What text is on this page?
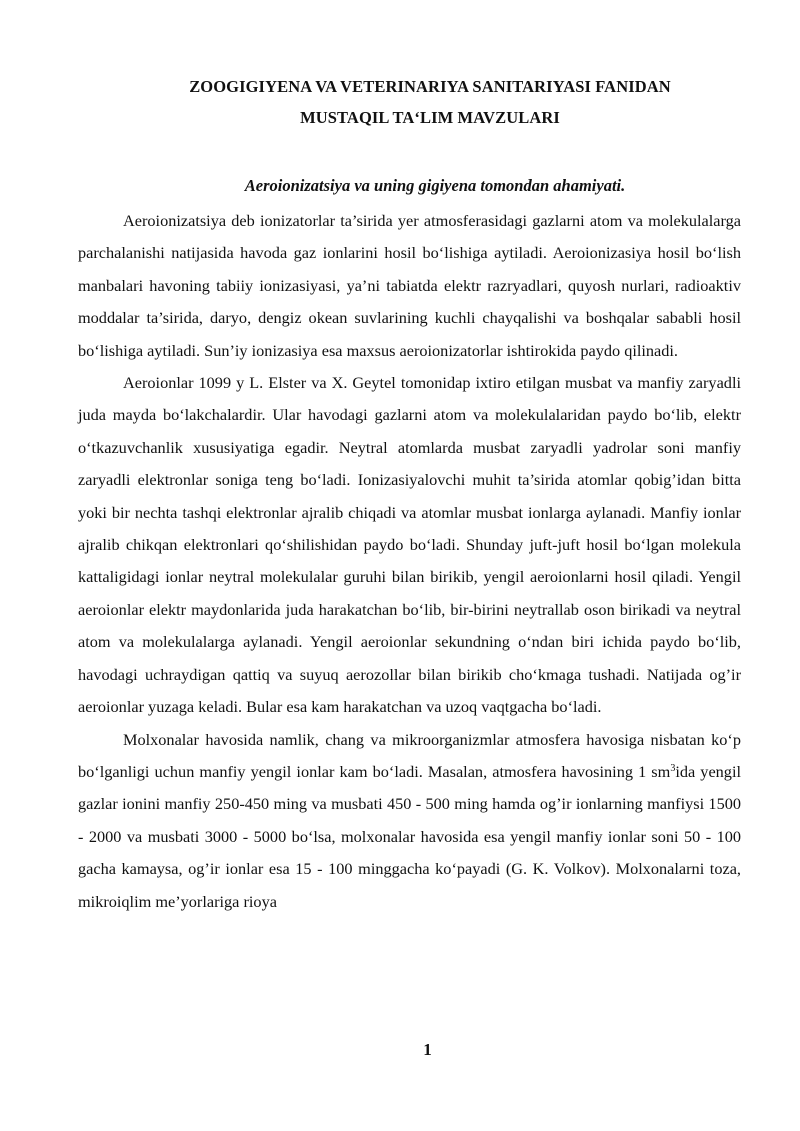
ZOOGIGIYENA VA VETERINARIYA SANITARIYASI FANIDAN
MUSTAQIL TA‘LIM MAVZULARI
Aeroionizatsiya va uning gigiyena tomondan ahamiyati.

Aeroionizatsiya deb ionizatorlar ta’sirida yer atmosferasidagi gazlarni atom va molekulalarga parchalanishi natijasida havoda gaz ionlarini hosil bo‘lishiga aytiladi. Aeroionizasiya hosil bo‘lish manbalari havoning tabiiy ionizasiyasi, ya’ni tabiatda elektr razryadlari, quyosh nurlari, radioaktiv moddalar ta’sirida, daryo, dengiz okean suvlarining kuchli chayqalishi va boshqalar sababli hosil bo‘lishiga aytiladi. Sun’iy ionizasiya esa maxsus aeroionizatorlar ishtirokida paydo qilinadi.

Aeroionlar 1099 y L. Elster va X. Geytel tomonidap ixtiro etilgan musbat va manfiy zaryadli juda mayda bo‘lakchalardir. Ular havodagi gazlarni atom va molekulalaridan paydo bo‘lib, elektr o‘tkazuvchanlik xususiyatiga egadir. Neytral atomlarda musbat zaryadli yadrolar soni manfiy zaryadli elektronlar soniga teng bo‘ladi. Ionizasiyalovchi muhit ta’sirida atomlar qobig’idan bitta yoki bir nechta tashqi elektronlar ajralib chiqadi va atomlar musbat ionlarga aylanadi. Manfiy ionlar ajralib chikqan elektronlari qo‘shilishidan paydo bo‘ladi. Shunday juft-juft hosil bo‘lgan molekula kattaligidagi ionlar neytral molekulalar guruhi bilan birikib, yengil aeroionlarni hosil qiladi. Yengil aeroionlar elektr maydonlarida juda harakatchan bo‘lib, bir-birini neytrallab oson birikadi va neytral atom va molekulalarga aylanadi. Yengil aeroionlar sekundning o‘ndan biri ichida paydo bo‘lib, havodagi uchraydigan qattiq va suyuq aerozollar bilan birikib cho‘kmaga tushadi. Natijada og’ir aeroionlar yuzaga keladi. Bular esa kam harakatchan va uzoq vaqtgacha bo‘ladi.

Molxonalar havosida namlik, chang va mikroorganizmlar atmosfera havosiga nisbatan ko‘p bo‘lganligi uchun manfiy yengil ionlar kam bo‘ladi. Masalan, atmosfera havosining 1 $sm^3ida$ yengil gazlar ionini manfiy 250-450 ming va musbati 450 - 500 ming hamda og’ir ionlarning manfiysi 1500 - 2000 va musbati 3000 - 5000 bo‘lsa, molxonalar havosida esa yengil manfiy ionlar soni 50 - 100 gacha kamaysa, og’ir ionlar esa 15 - 100 minggacha ko‘payadi (G. K. Volkov). Molxonalarni toza, mikroiqlim me’yorlariga rioya

1
